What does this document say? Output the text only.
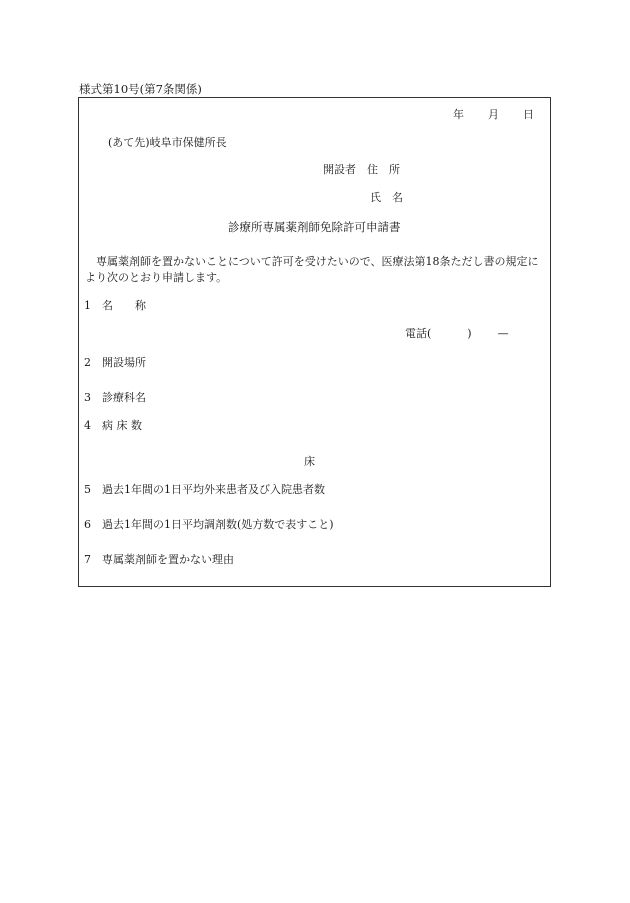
様式第10号(第7条関係)
年 月 日
(あて先)岐阜市保健所長
開設者　住　所
氏　名
診療所専属薬剤師免除許可申請書
専属薬剤師を置かないことについて許可を受けたいので、医療法第18条ただし書の規定により次のとおり申請します。
1 名　　称
電話(	) —
2 開設場所
3 診療科名
4 病 床 数
床
5 過去1年間の1日平均外来患者及び入院患者数
6 過去1年間の1日平均調剤数(処方数で表すこと)
7 専属薬剤師を置かない理由
